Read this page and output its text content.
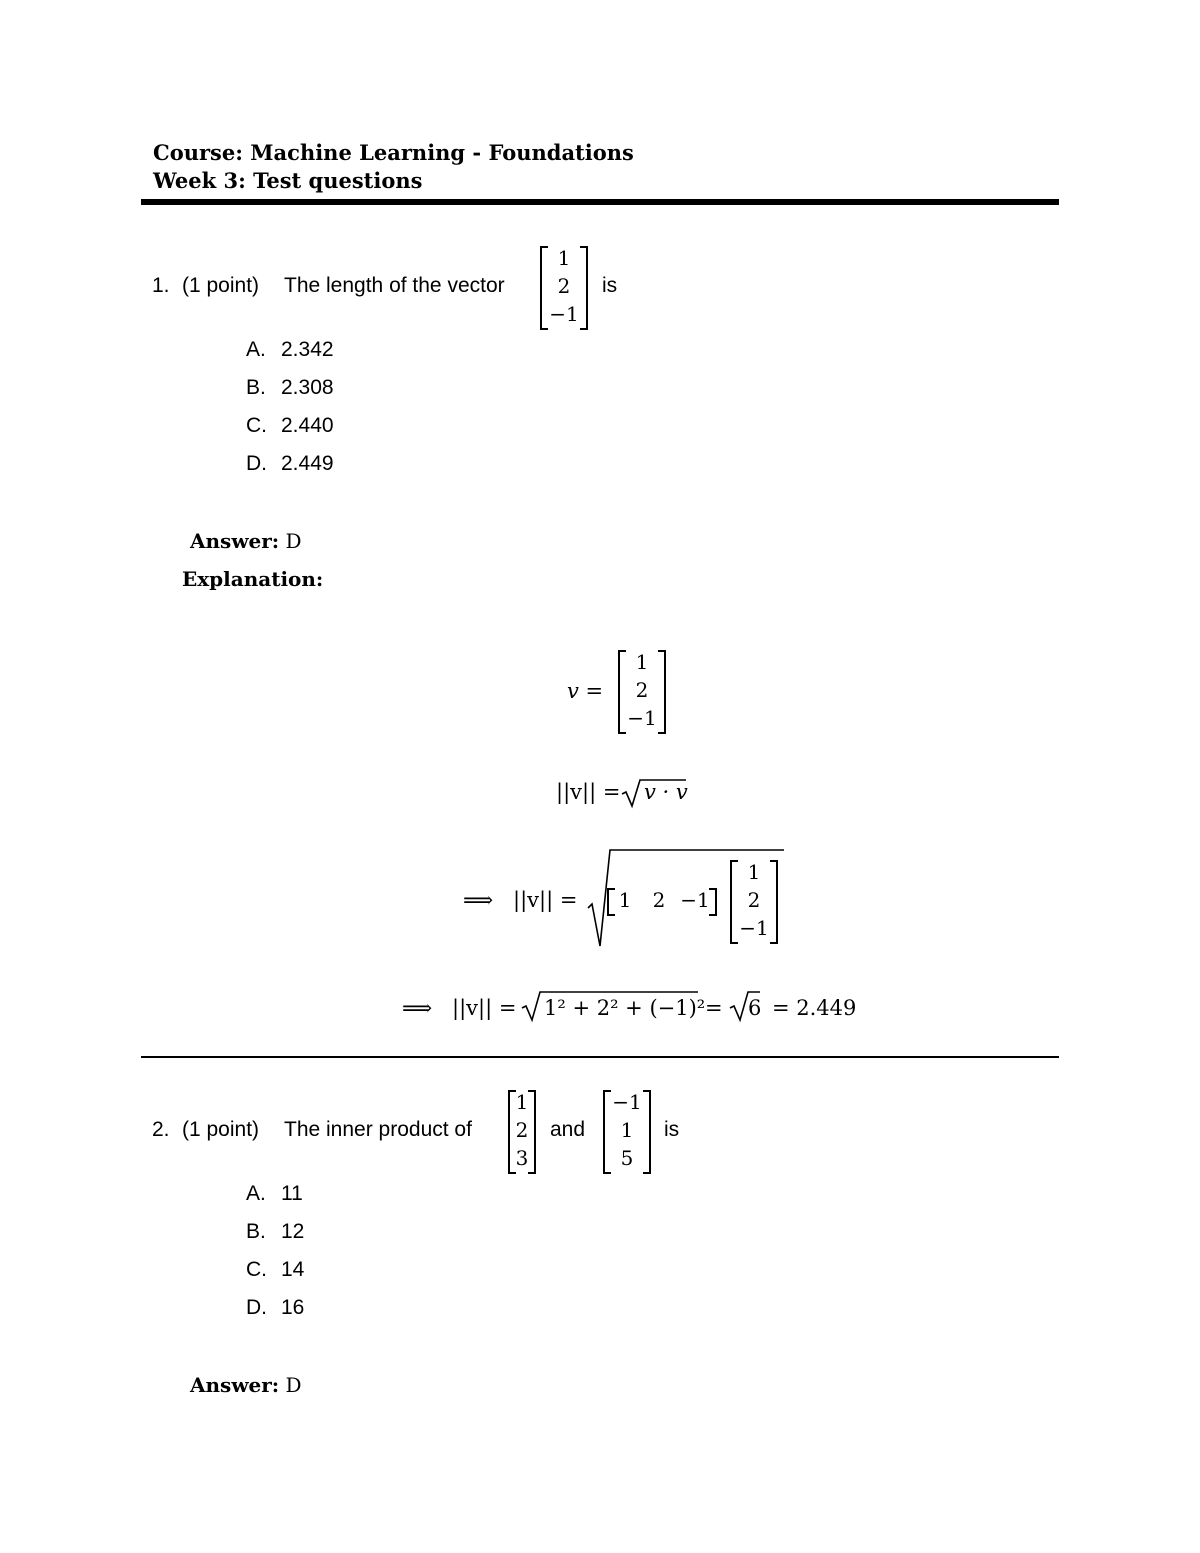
Course: Machine Learning - Foundations
Week 3: Test questions
1. (1 point) The length of the vector
1
2
−1
is
A. 2.342
B. 2.308
C. 2.440
D. 2.449
Answer: D
Explanation:
v =
1
2
−1
||v|| = v · v
⟹ ||v|| =	1	2 −1
1
2
−1
⟹ ||v|| = 1² + 2² + (−1)² = 6 = 2.449
2. (1 point) The inner product of
1
2
3
and
−1
1
5
is
A. 11
B. 12
C. 14
D. 16
Answer: D
